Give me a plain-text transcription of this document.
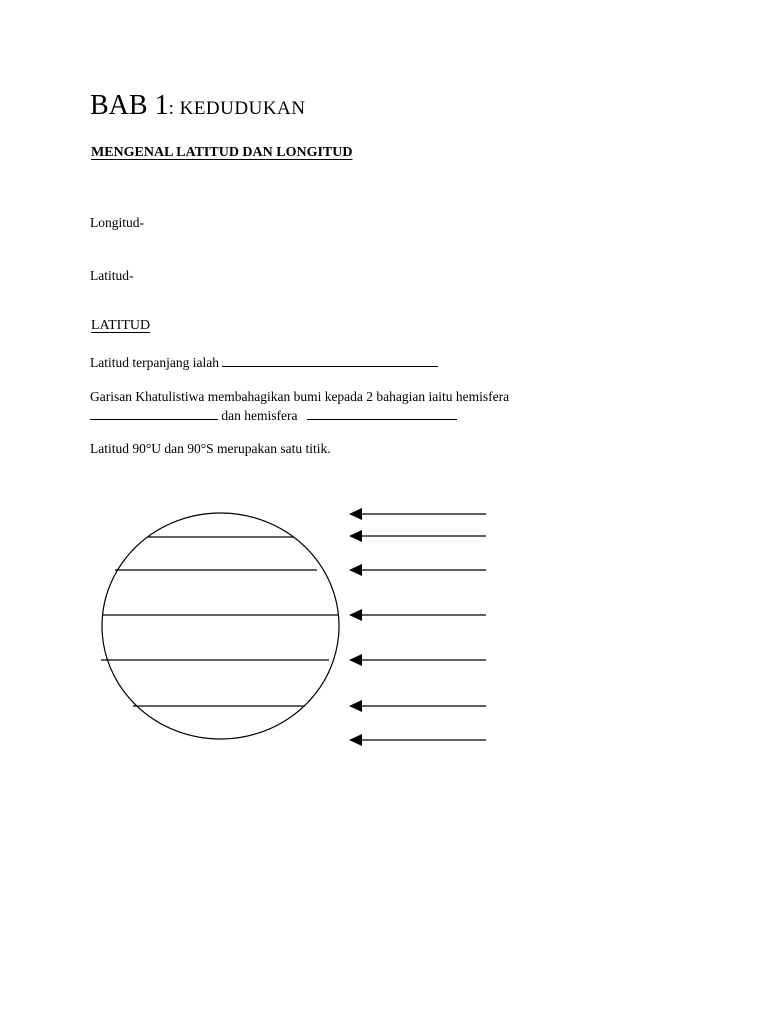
BAB 1: KEDUDUKAN
MENGENAL LATITUD DAN LONGITUD
Longitud-
Latitud-
LATITUD
Latitud terpanjang ialah
Garisan Khatulistiwa membahagikan bumi kepada 2 bahagian iaitu hemisfera
dan hemisfera
Latitud 90°U dan 90°S merupakan satu titik.
